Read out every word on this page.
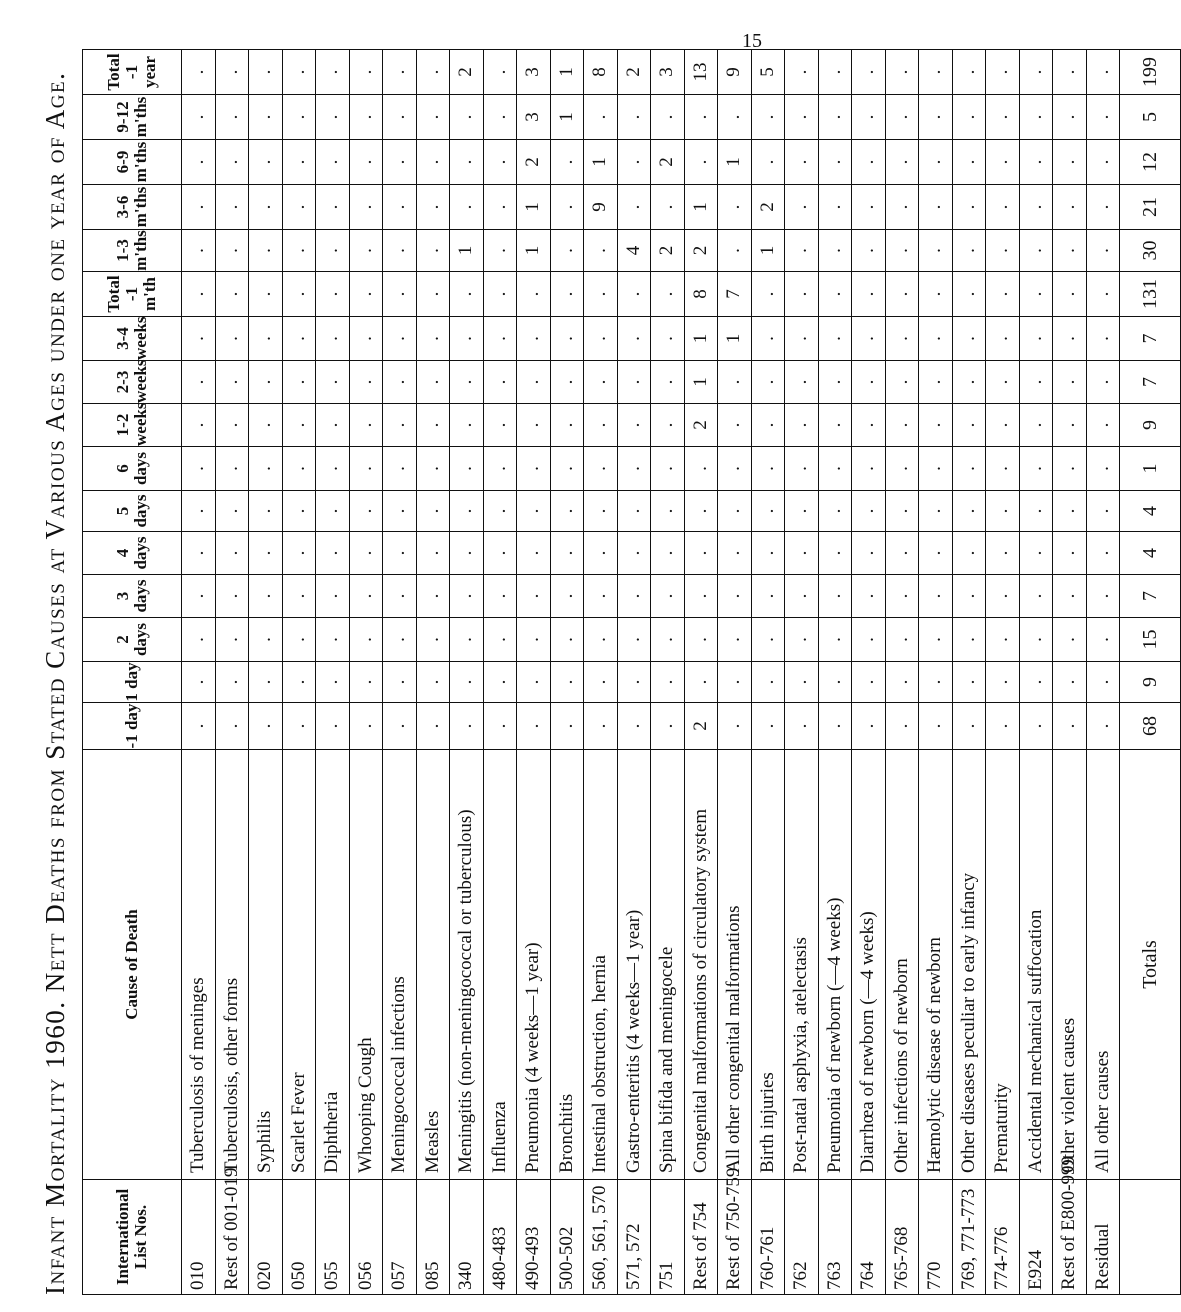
15
Infant Mortality 1960. Nett Deaths from Stated Causes at Various Ages under one year of Age.	International List Nos.	Cause of Death	-1 day	1 day	2 days	3 days	4 days	5 days	6 days	1-2 weeks	2-3 weeks	3-4 weeks	Total -1 m'th	1-3 m'ths	3-6 m'ths	6-9 m'ths	9-12 m'ths	Total -1 year
010	Tuberculosis of meninges	.	.	.	.	.	.	.	.	.	.	.	.	.	.	.	.
Rest of 001-019	Tuberculosis, other forms	.	.	.	.	.	.	.	.	.	.	.	.	.	.	.	.
020	Syphilis	.	.	.	.	.	.	.	.	.	.	.	.	.	.	.	.
050	Scarlet Fever	.	.	.	.	.	.	.	.	.	.	.	.	.	.	.	.
055	Diphtheria	.	.	.	.	.	.	.	.	.	.	.	.	.	.	.	.
056	Whooping Cough	.	.	.	.	.	.	.	.	.	.	.	.	.	.	.	.
057	Meningococcal infections	.	.	.	.	.	.	.	.	.	.	.	.	.	.	.	.
085	Measles	.	.	.	.	.	.	.	.	.	.	.	.	.	.	.	.
340	Meningitis (non-meningococcal or tuberculous)	.	.	.	.	.	.	.	.	.	.	.	1	.	.	.	2
480-483	Influenza	.	.	.	.	.	.	.	.	.	.	.	.	.	.	.	.
490-493	Pneumonia (4 weeks—1 year)	.	.	.	.	.	.	.	.	.	.	.	1	1	2	3	3
500-502	Bronchitis	.	.	.	.	.	.	.	.	.	.	.	.	.	.	1	1
560, 561, 570	Intestinal obstruction, hernia	.	.	.	.	.	.	.	.	.	.	.	.	9	1	.	8
571, 572	Gastro-enteritis (4 weeks—1 year)	.	.	.	.	.	.	.	.	.	.	.	4	.	.	.	2
751	Spina bifida and meningocele	.	.	.	.	.	.	.	.	.	.	.	2	.	2	.	3
Rest of 754	Congenital malformations of circulatory system	2	.	.	.	.	.	.	2	1	1	8	2	1	.	.	13
Rest of 750-759	All other congenital malformations	.	.	.	.	.	.	.	.	.	1	7	.	.	1	.	9
760-761	Birth injuries	.	.	.	.	.	.	.	.	.	.	.	1	2	.	.	5
762	Post-natal asphyxia, atelectasis	.	.	.	.	.	.	.	.	.	.	.	.	.	.	.	.
763	Pneumonia of newborn (—4 weeks)	.	.	.	.	.	.	.	.	.	.	.	.	.	.	.	.
764	Diarrhœa of newborn (—4 weeks)	.	.	.	.	.	.	.	.	.	.	.	.	.	.	.	.
765-768	Other infections of newborn	.	.	.	.	.	.	.	.	.	.	.	.	.	.	.	.
770	Hæmolytic disease of newborn	.	.	.	.	.	.	.	.	.	.	.	.	.	.	.	.
769, 771-773	Other diseases peculiar to early infancy	.	.	.	.	.	.	.	.	.	.	.	.	.	.	.	.
774-776	Prematurity	.	.	.	.	.	.	.	.	.	.	.	.	.	.	.	.
E924	Accidental mechanical suffocation	.	.	.	.	.	.	.	.	.	.	.	.	.	.	.	.
Rest of E800-999	Other violent causes	.	.	.	.	.	.	.	.	.	.	.	.	.	.	.	.
Residual	All other causes	.	.	.	.	.	.	.	.	.	.	.	.	.	.	.	.
	Totals	68	9	15	7	4	4	1	9	7	7	131	30	21	12	5	199
